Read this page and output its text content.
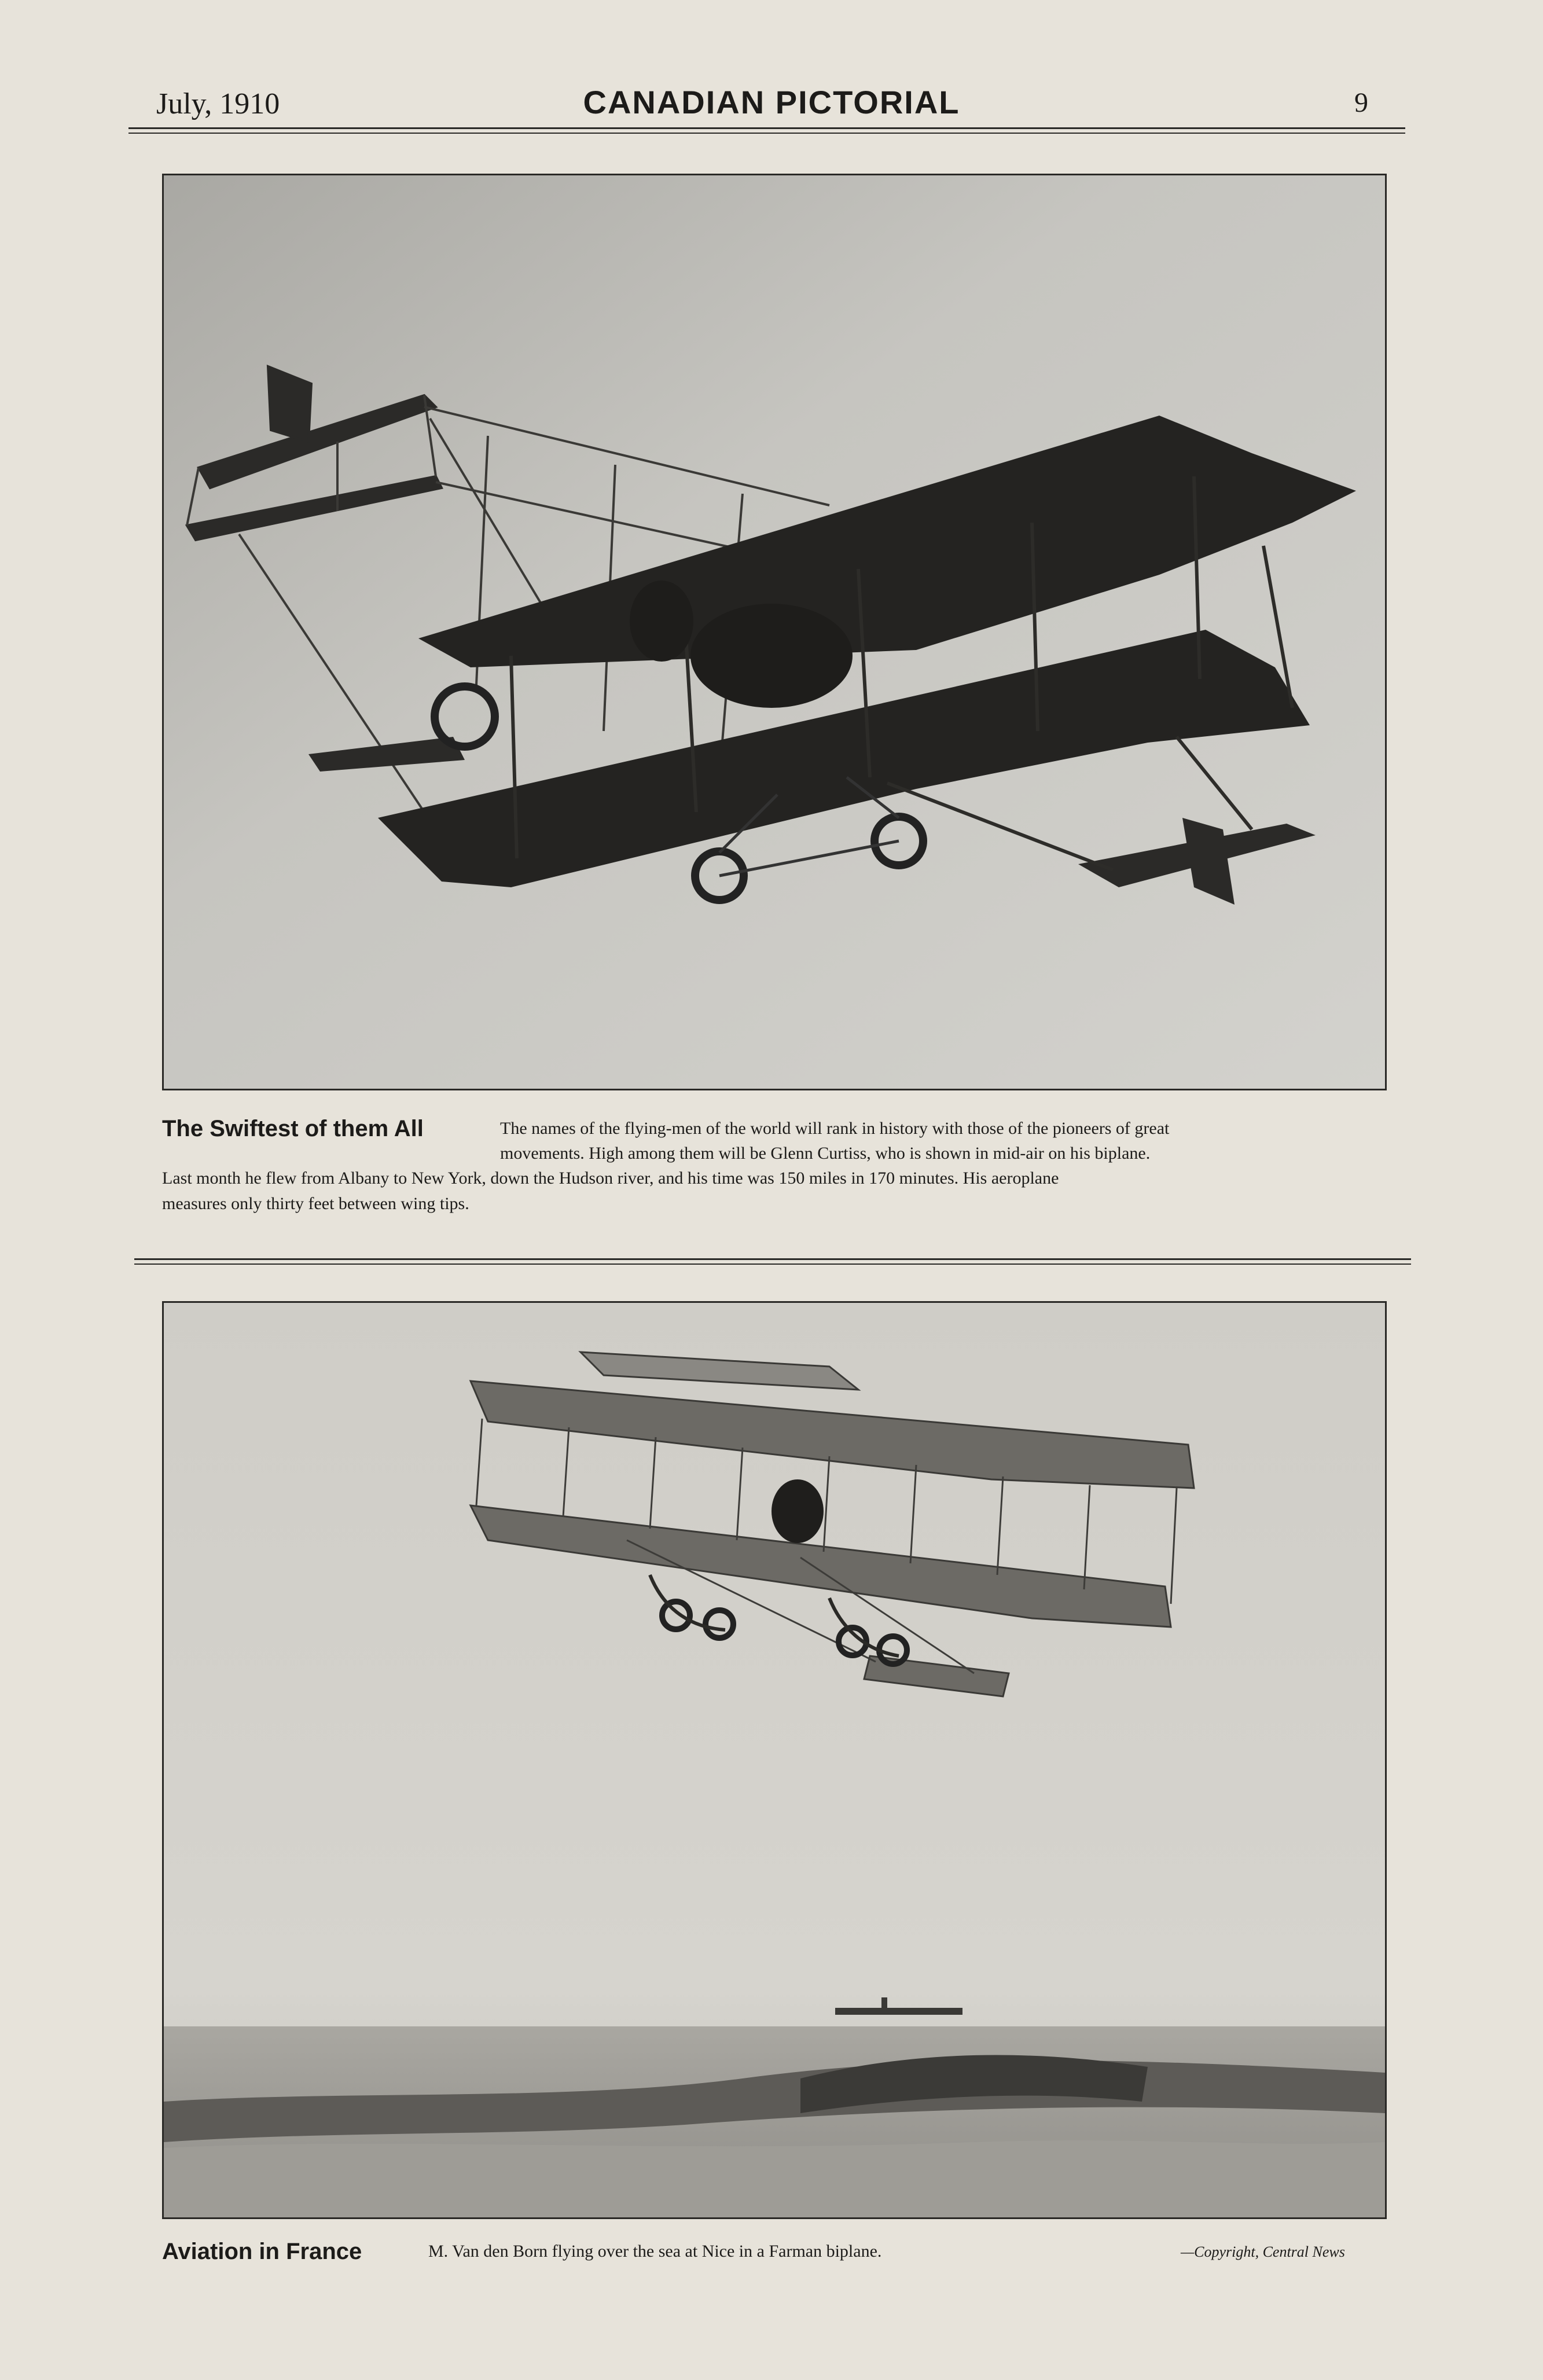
July, 1910	CANADIAN PICTORIAL	9
The Swiftest of them All	The names of the flying-men of the world will rank in history with those of the pioneers of great
movements. High among them will be Glenn Curtiss, who is shown in mid-air on his biplane.
Last month he flew from Albany to New York, down the Hudson river, and his time was 150 miles in 170 minutes. His aeroplane
measures only thirty feet between wing tips.
Aviation in France	M. Van den Born flying over the sea at Nice in a Farman biplane.	—Copyright, Central News
